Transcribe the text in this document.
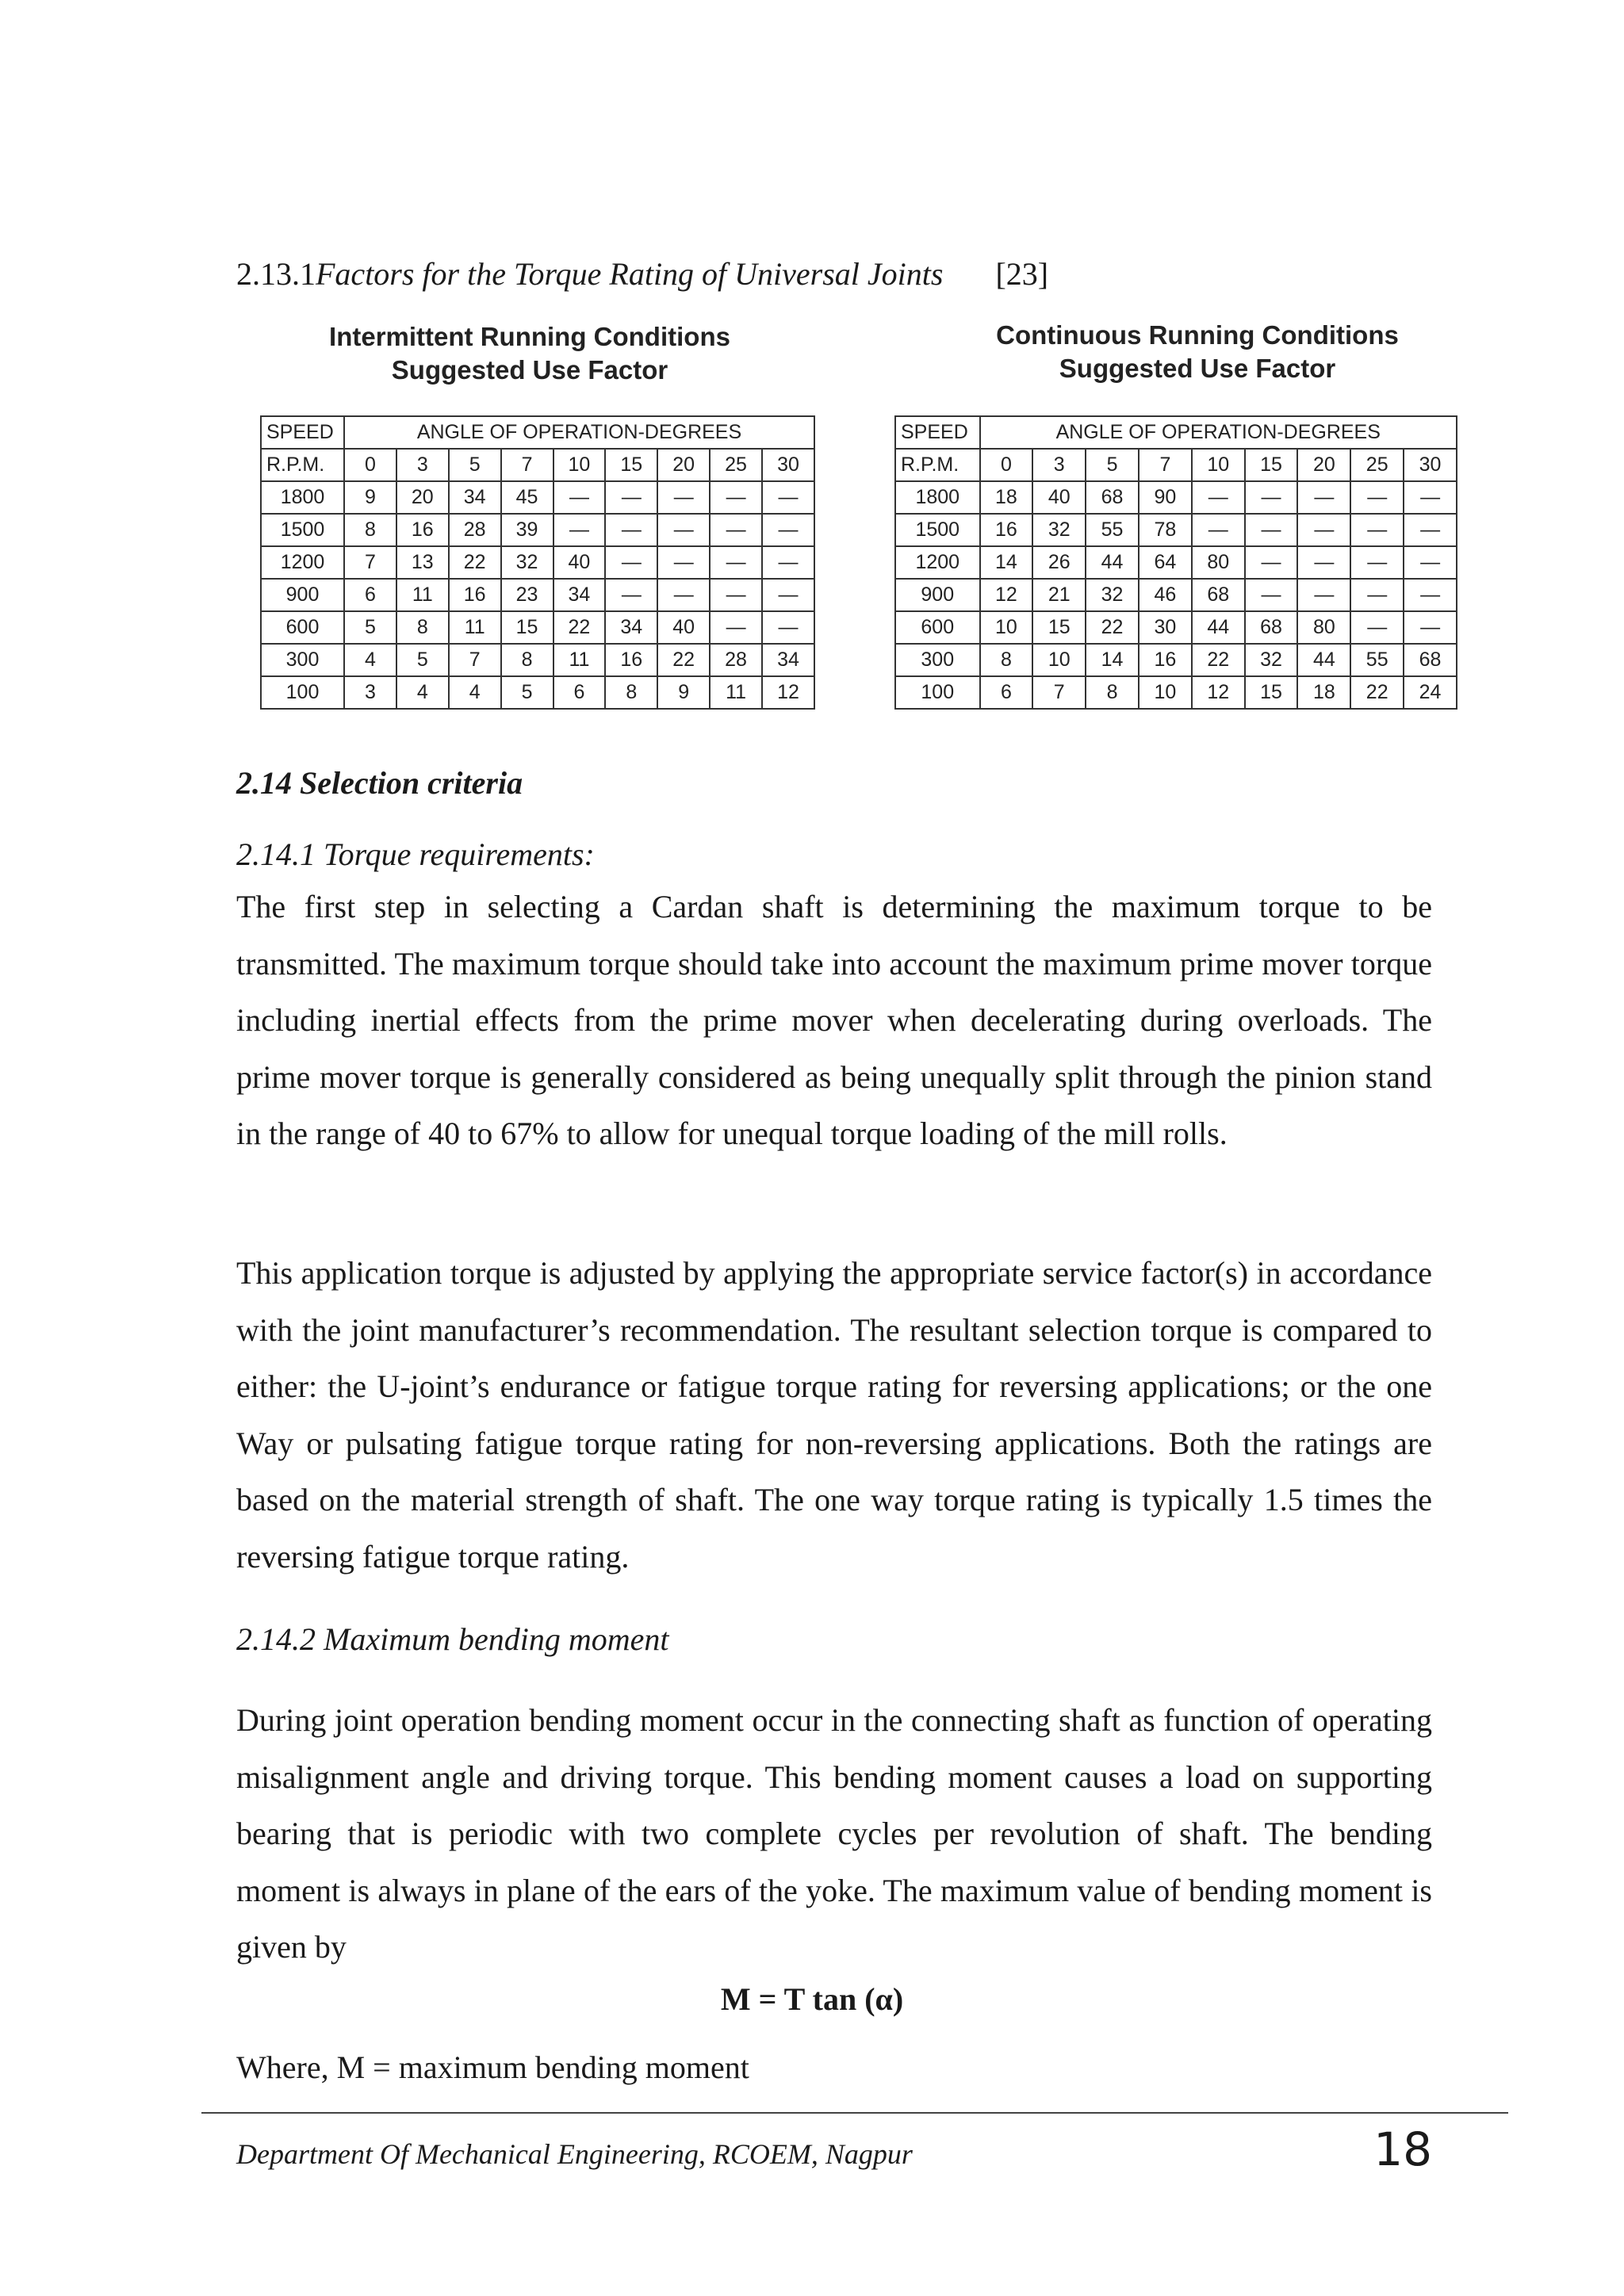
2.13.1Factors for the Torque Rating of Universal Joints [23]
Intermittent Running Conditions
Suggested Use Factor
Continuous Running Conditions
Suggested Use Factor
SPEED	ANGLE OF OPERATION-DEGREES								
R.P.M.	0	3	5	7	10	15	20	25	30
1800	9	20	34	45	—	—	—	—	—
1500	8	16	28	39	—	—	—	—	—
1200	7	13	22	32	40	—	—	—	—
900	6	11	16	23	34	—	—	—	—
600	5	8	11	15	22	34	40	—	—
300	4	5	7	8	11	16	22	28	34
100	3	4	4	5	6	8	9	11	12
SPEED	ANGLE OF OPERATION-DEGREES								
R.P.M.	0	3	5	7	10	15	20	25	30
1800	18	40	68	90	—	—	—	—	—
1500	16	32	55	78	—	—	—	—	—
1200	14	26	44	64	80	—	—	—	—
900	12	21	32	46	68	—	—	—	—
600	10	15	22	30	44	68	80	—	—
300	8	10	14	16	22	32	44	55	68
100	6	7	8	10	12	15	18	22	24
2.14 Selection criteria
2.14.1 Torque requirements:

The first step in selecting a Cardan shaft is determining the maximum torque to be transmitted. The maximum torque should take into account the maximum prime mover torque including inertial effects from the prime mover when decelerating during overloads. The prime mover torque is generally considered as being unequally split through the pinion stand in the range of 40 to 67% to allow for unequal torque loading of the mill rolls.

This application torque is adjusted by applying the appropriate service factor(s) in accordance with the joint manufacturer’s recommendation. The resultant selection torque is compared to either: the U-joint’s endurance or fatigue torque rating for reversing applications; or the one Way or pulsating fatigue torque rating for non-reversing applications. Both the ratings are based on the material strength of shaft. The one way torque rating is typically 1.5 times the reversing fatigue torque rating.

2.14.2 Maximum bending moment

During joint operation bending moment occur in the connecting shaft as function of operating misalignment angle and driving torque. This bending moment causes a load on supporting bearing that is periodic with two complete cycles per revolution of shaft. The bending moment is always in plane of the ears of the yoke. The maximum value of bending moment is given by

M = T tan (α)
Where, M = maximum bending moment
Department Of Mechanical Engineering, RCOEM, Nagpur	18
